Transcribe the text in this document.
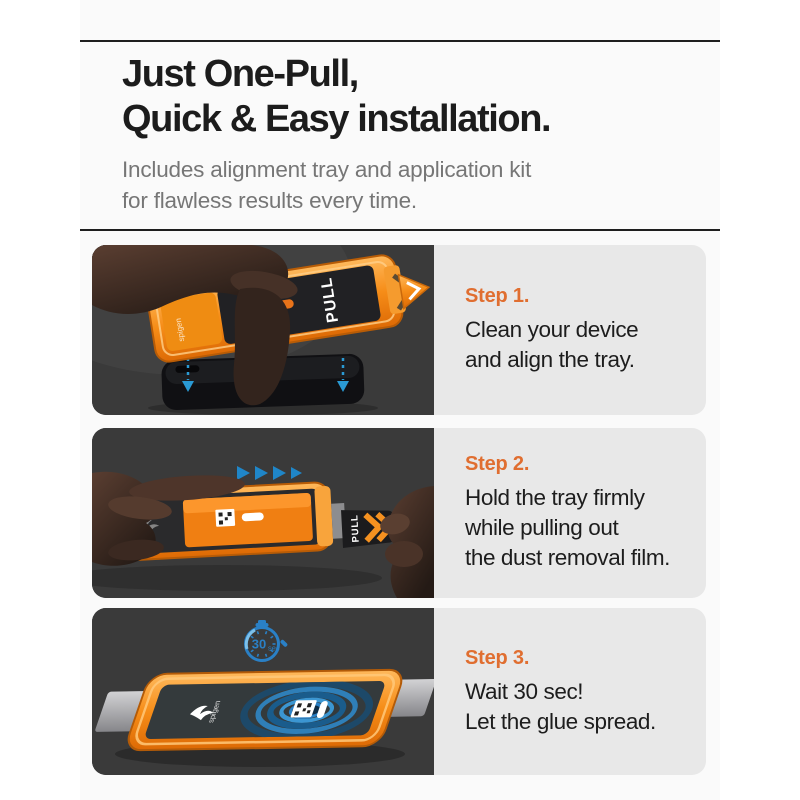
Just One-Pull,
Quick & Easy installation.
Includes alignment tray and application kit
for flawless results every time.
spigen
PULL	Step 1.
Clean your device
and align the tray.
PULL
Step 2.
Hold the tray firmly
while pulling out
the dust removal film.
30 sec
spigen
Step 3.
Wait 30 sec!
Let the glue spread.
